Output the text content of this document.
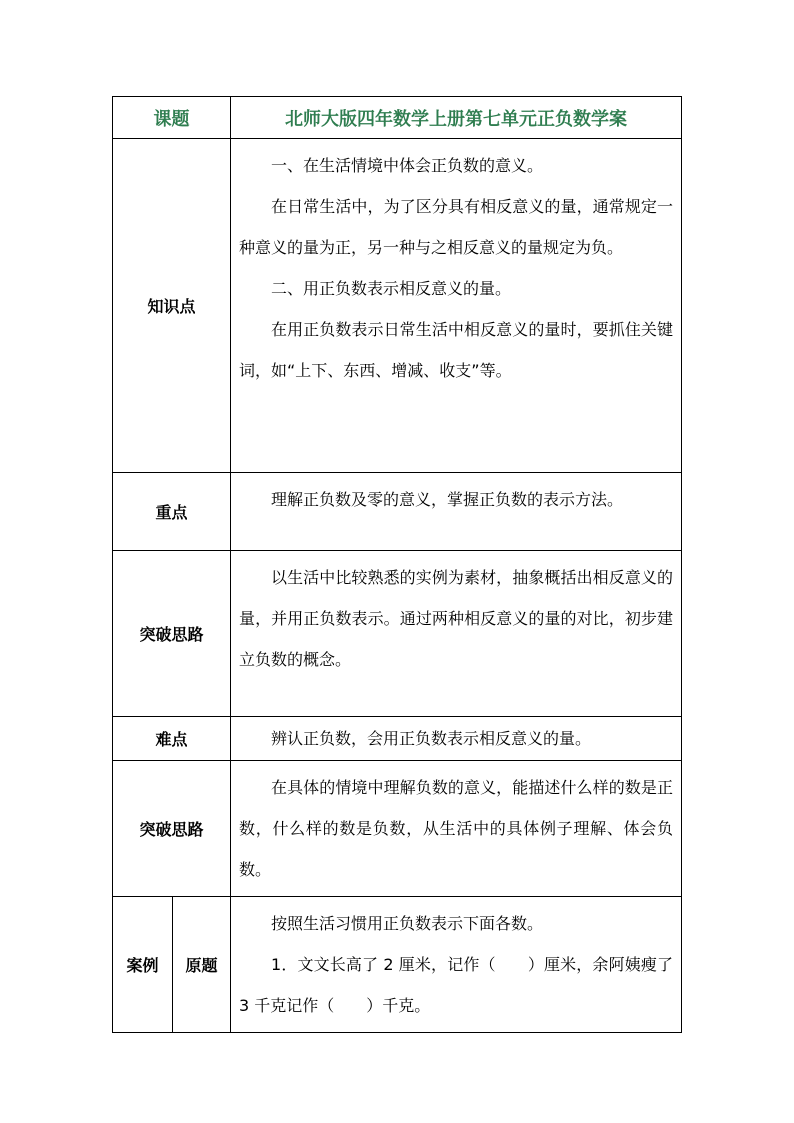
课题		北师大版四年数学上册第七单元正负数学案
知识点		一、在生活情境中体会正负数的意义。

在日常生活中，为了区分具有相反意义的量，通常规定一种意义的量为正，另一种与之相反意义的量规定为负。

二、用正负数表示相反意义的量。

在用正负数表示日常生活中相反意义的量时，要抓住关键词，如“上下、东西、增减、收支”等。

重点		理解正负数及零的意义，掌握正负数的表示方法。

突破思路		以生活中比较熟悉的实例为素材，抽象概括出相反意义的量，并用正负数表示。通过两种相反意义的量的对比，初步建立负数的概念。

难点		辨认正负数，会用正负数表示相反意义的量。

突破思路		在具体的情境中理解负数的意义，能描述什么样的数是正数，什么样的数是负数，从生活中的具体例子理解、体会负数。

案例	原题	按照生活习惯用正负数表示下面各数。

1．文文长高了 2 厘米，记作（　　）厘米，余阿姨瘦了 3 千克记作（　　）千克。
